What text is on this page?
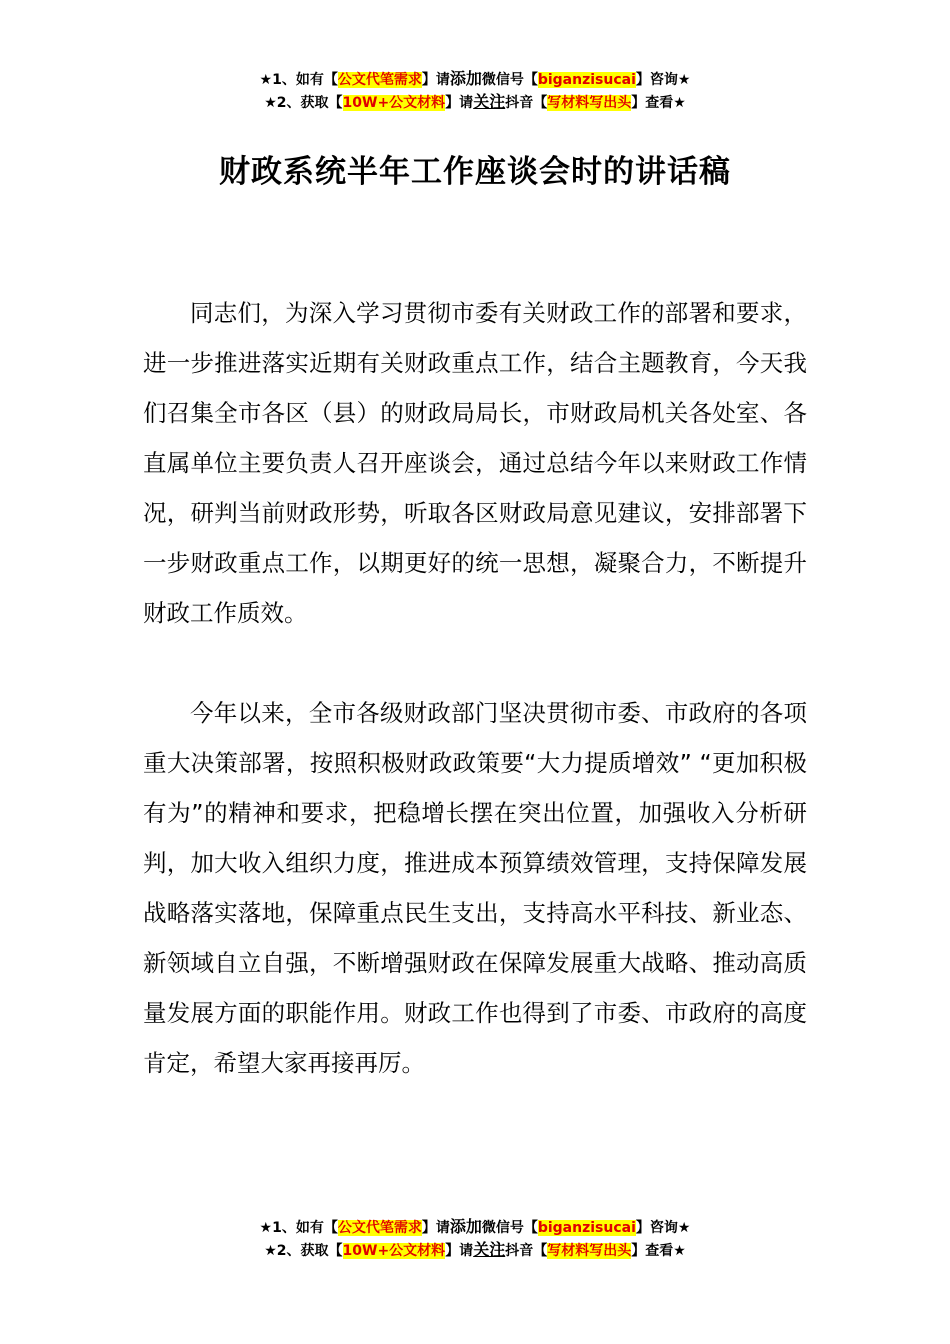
★1、如有【公文代笔需求】请添加微信号【biganzisucai】咨询★
★2、获取【10W+公文材料】请关注抖音【写材料写出头】查看★
财政系统半年工作座谈会时的讲话稿

同志们，为深入学习贯彻市委有关财政工作的部署和要求，进一步推进落实近期有关财政重点工作，结合主题教育，今天我们召集全市各区（县）的财政局局长，市财政局机关各处室、各直属单位主要负责人召开座谈会，通过总结今年以来财政工作情况，研判当前财政形势，听取各区财政局意见建议，安排部署下一步财政重点工作，以期更好的统一思想，凝聚合力，不断提升财政工作质效。

今年以来，全市各级财政部门坚决贯彻市委、市政府的各项重大决策部署，按照积极财政政策要“大力提质增效” “更加积极有为”的精神和要求，把稳增长摆在突出位置，加强收入分析研判，加大收入组织力度，推进成本预算绩效管理，支持保障发展战略落实落地，保障重点民生支出，支持高水平科技、新业态、新领域自立自强，不断增强财政在保障发展重大战略、推动高质量发展方面的职能作用。财政工作也得到了市委、市政府的高度肯定，希望大家再接再厉。

★1、如有【公文代笔需求】请添加微信号【biganzisucai】咨询★
★2、获取【10W+公文材料】请关注抖音【写材料写出头】查看★
